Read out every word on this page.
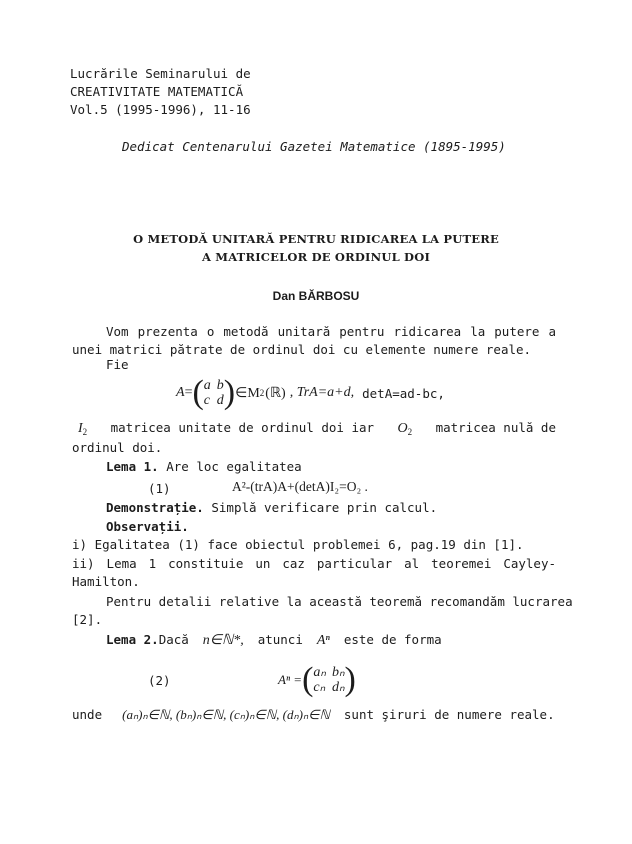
Lucrările Seminarului de
CREATIVITATE MATEMATICĂ
Vol.5 (1995-1996), 11-16
Dedicat Centenarului Gazetei Matematice (1895-1995)
O METODĂ UNITARĂ PENTRU RIDICAREA LA PUTERE
A MATRICELOR DE ORDINUL DOI
Dan BĂRBOSU
Vom prezenta o metodă unitară pentru ridicarea la putere a
unei matrici pătrate de ordinul doi cu elemente numere reale.
Fie
A = ( a b
c d ) ∈M 2 (ℝ) , TrA=a+d, detA=ad-bc,
$I_2$ matricea unitate de ordinul doi iar $O_2$ matricea nulă de
ordinul doi.
Lema 1. Are loc egalitatea
(1)	A²-(trA)A+(detA)I₂=O₂ .
Demonstrație. Simplă verificare prin calcul.
Observații.
i) Egalitatea (1) face obiectul problemei 6, pag.19 din [1].
ii) Lema 1 constituie un caz particular al teoremei Cayley-
Hamilton.
Pentru detalii relative la această teoremă recomandăm lucrarea
[2].
Lema 2. Dacă n∈ℕ*, atunci Aⁿ este de forma
(2)	Aⁿ = ( aₙ bₙ
cₙ dₙ )
unde (aₙ)ₙ∈ℕ, (bₙ)ₙ∈ℕ, (cₙ)ₙ∈ℕ, (dₙ)ₙ∈ℕ sunt şiruri de numere reale.
